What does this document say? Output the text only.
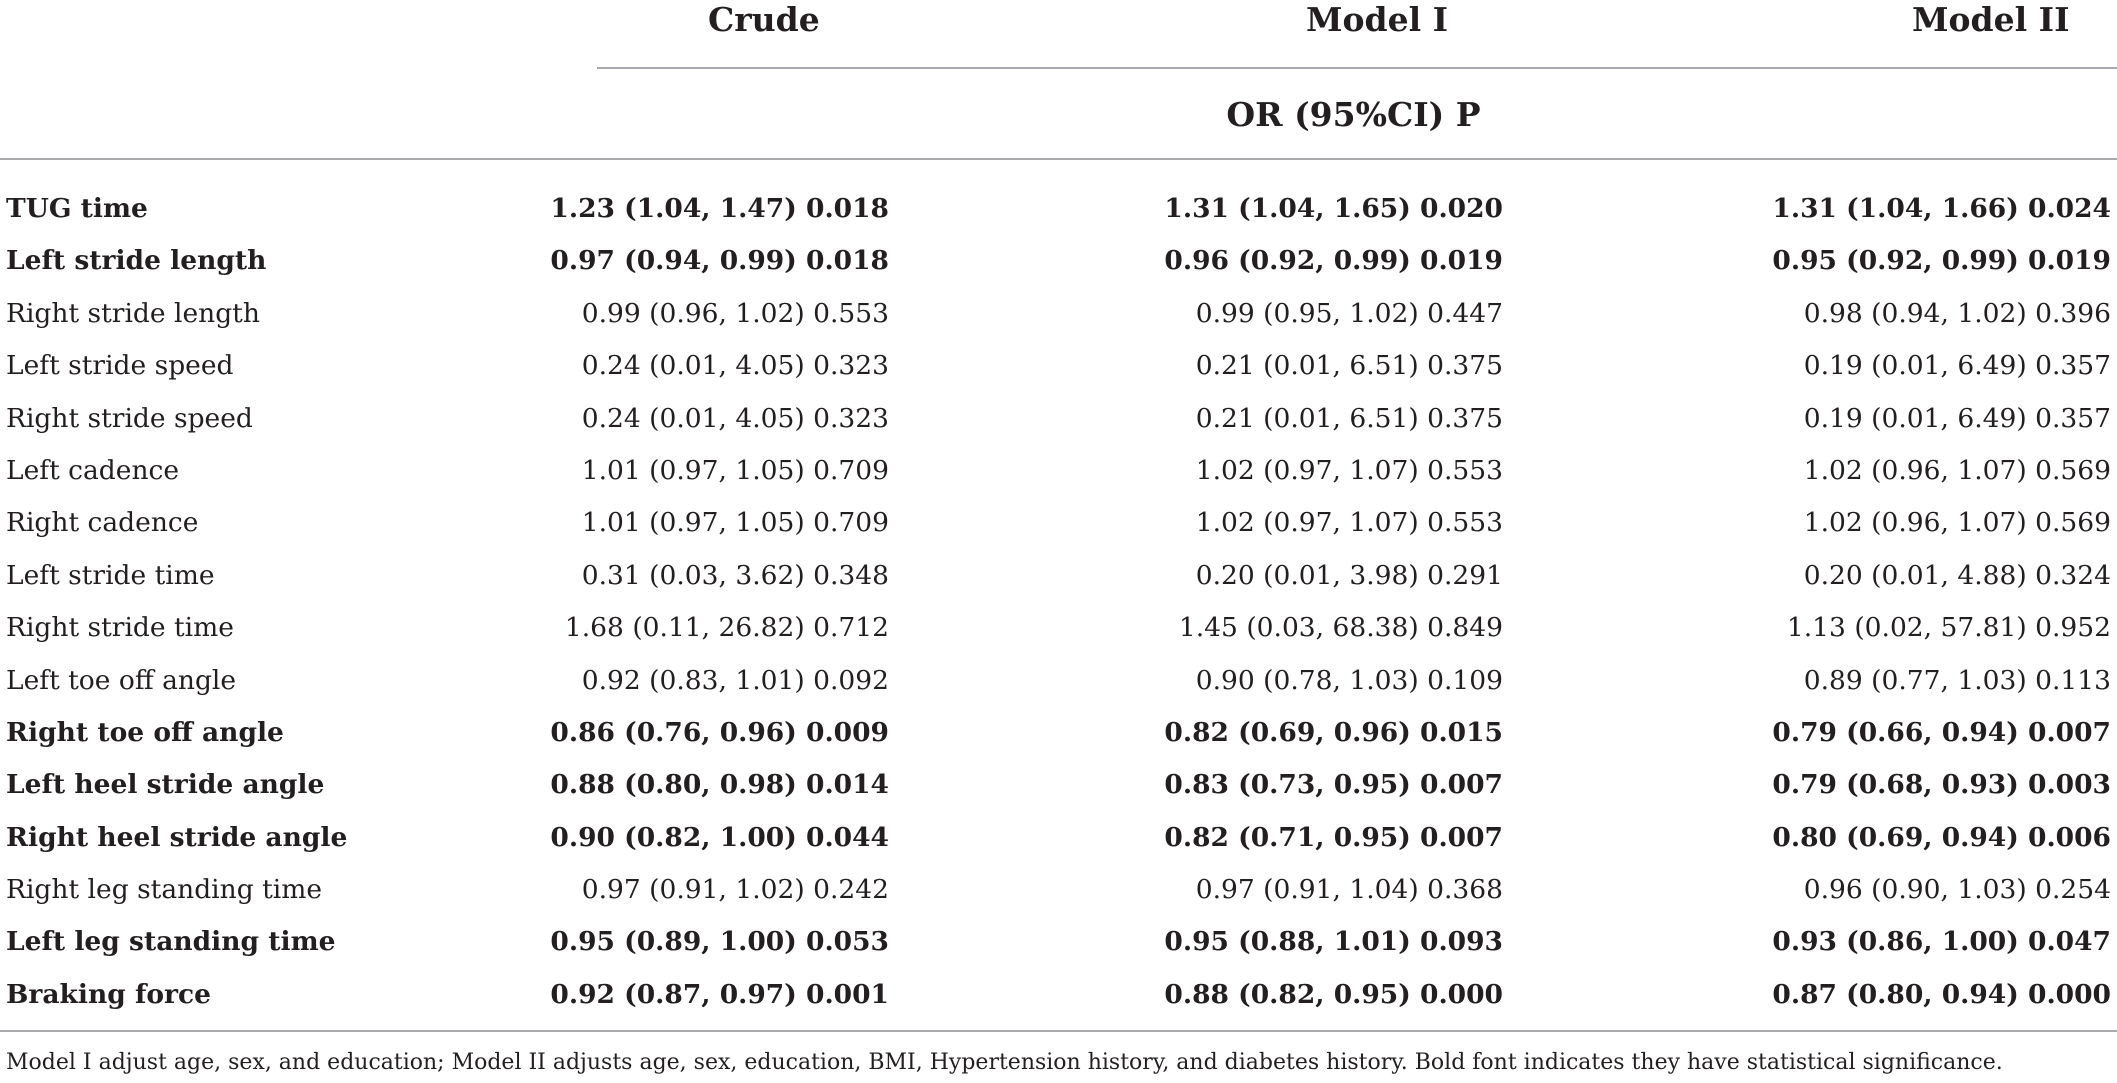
Crude	Model I	Model II
OR (95%CI) P
TUG time	1.23 (1.04, 1.47) 0.018	1.31 (1.04, 1.65) 0.020	1.31 (1.04, 1.66) 0.024
Left stride length	0.97 (0.94, 0.99) 0.018	0.96 (0.92, 0.99) 0.019	0.95 (0.92, 0.99) 0.019
Right stride length	0.99 (0.96, 1.02) 0.553	0.99 (0.95, 1.02) 0.447	0.98 (0.94, 1.02) 0.396
Left stride speed	0.24 (0.01, 4.05) 0.323	0.21 (0.01, 6.51) 0.375	0.19 (0.01, 6.49) 0.357
Right stride speed	0.24 (0.01, 4.05) 0.323	0.21 (0.01, 6.51) 0.375	0.19 (0.01, 6.49) 0.357
Left cadence	1.01 (0.97, 1.05) 0.709	1.02 (0.97, 1.07) 0.553	1.02 (0.96, 1.07) 0.569
Right cadence	1.01 (0.97, 1.05) 0.709	1.02 (0.97, 1.07) 0.553	1.02 (0.96, 1.07) 0.569
Left stride time	0.31 (0.03, 3.62) 0.348	0.20 (0.01, 3.98) 0.291	0.20 (0.01, 4.88) 0.324
Right stride time	1.68 (0.11, 26.82) 0.712	1.45 (0.03, 68.38) 0.849	1.13 (0.02, 57.81) 0.952
Left toe off angle	0.92 (0.83, 1.01) 0.092	0.90 (0.78, 1.03) 0.109	0.89 (0.77, 1.03) 0.113
Right toe off angle	0.86 (0.76, 0.96) 0.009	0.82 (0.69, 0.96) 0.015	0.79 (0.66, 0.94) 0.007
Left heel stride angle	0.88 (0.80, 0.98) 0.014	0.83 (0.73, 0.95) 0.007	0.79 (0.68, 0.93) 0.003
Right heel stride angle	0.90 (0.82, 1.00) 0.044	0.82 (0.71, 0.95) 0.007	0.80 (0.69, 0.94) 0.006
Right leg standing time	0.97 (0.91, 1.02) 0.242	0.97 (0.91, 1.04) 0.368	0.96 (0.90, 1.03) 0.254
Left leg standing time	0.95 (0.89, 1.00) 0.053	0.95 (0.88, 1.01) 0.093	0.93 (0.86, 1.00) 0.047
Braking force	0.92 (0.87, 0.97) 0.001	0.88 (0.82, 0.95) 0.000	0.87 (0.80, 0.94) 0.000
Model I adjust age, sex, and education; Model II adjusts age, sex, education, BMI, Hypertension history, and diabetes history. Bold font indicates they have statistical significance.
